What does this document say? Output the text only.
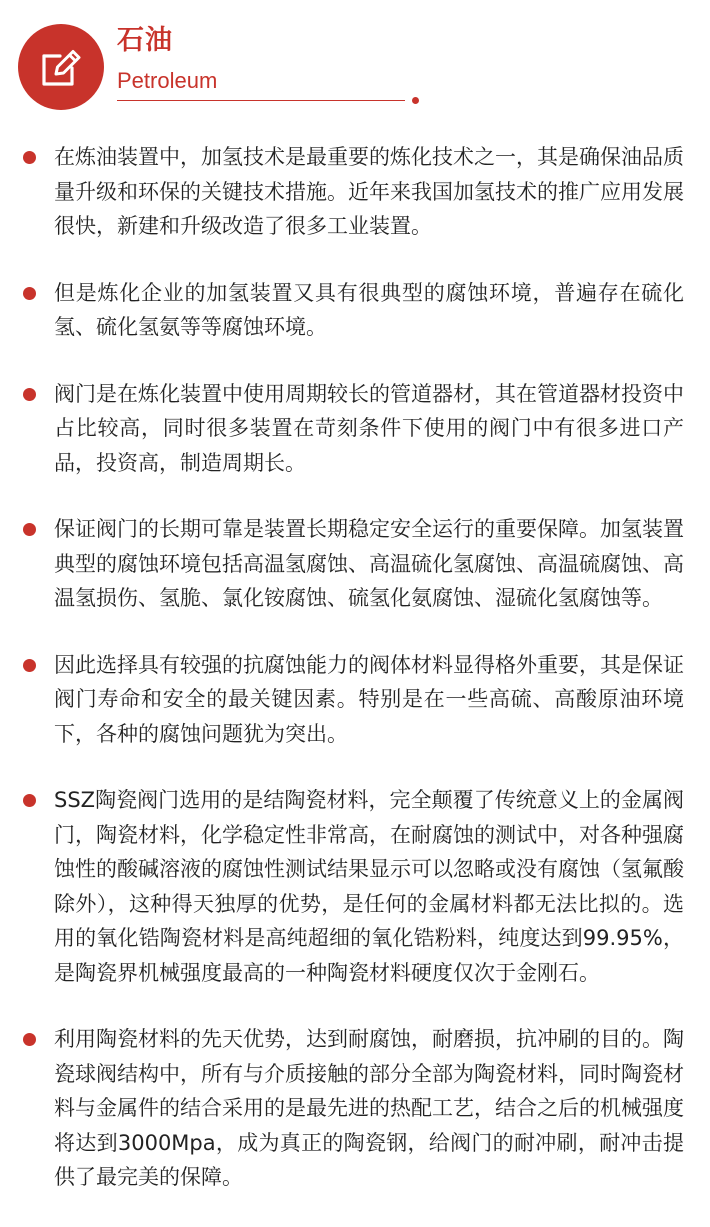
石油
Petroleum
在炼油装置中，加氢技术是最重要的炼化技术之一，其是确保油品质量升级和环保的关键技术措施。近年来我国加氢技术的推广应用发展很快，新建和升级改造了很多工业装置。
但是炼化企业的加氢装置又具有很典型的腐蚀环境，普遍存在硫化氢、硫化氢氨等等腐蚀环境。
阀门是在炼化装置中使用周期较长的管道器材，其在管道器材投资中占比较高，同时很多装置在苛刻条件下使用的阀门中有很多进口产品，投资高，制造周期长。
保证阀门的长期可靠是装置长期稳定安全运行的重要保障。加氢装置典型的腐蚀环境包括高温氢腐蚀、高温硫化氢腐蚀、高温硫腐蚀、高温氢损伤、氢脆、氯化铵腐蚀、硫氢化氨腐蚀、湿硫化氢腐蚀等。
因此选择具有较强的抗腐蚀能力的阀体材料显得格外重要，其是保证阀门寿命和安全的最关键因素。特别是在一些高硫、高酸原油环境下，各种的腐蚀问题犹为突出。
SSZ陶瓷阀门选用的是结陶瓷材料，完全颠覆了传统意义上的金属阀门，陶瓷材料，化学稳定性非常高，在耐腐蚀的测试中，对各种强腐蚀性的酸碱溶液的腐蚀性测试结果显示可以忽略或没有腐蚀（氢氟酸除外），这种得天独厚的优势，是任何的金属材料都无法比拟的。选用的氧化锆陶瓷材料是高纯超细的氧化锆粉料，纯度达到99.95%，是陶瓷界机械强度最高的一种陶瓷材料硬度仅次于金刚石。
利用陶瓷材料的先天优势，达到耐腐蚀，耐磨损，抗冲刷的目的。陶瓷球阀结构中，所有与介质接触的部分全部为陶瓷材料，同时陶瓷材料与金属件的结合采用的是最先进的热配工艺，结合之后的机械强度将达到3000Mpa，成为真正的陶瓷钢，给阀门的耐冲刷，耐冲击提供了最完美的保障。
